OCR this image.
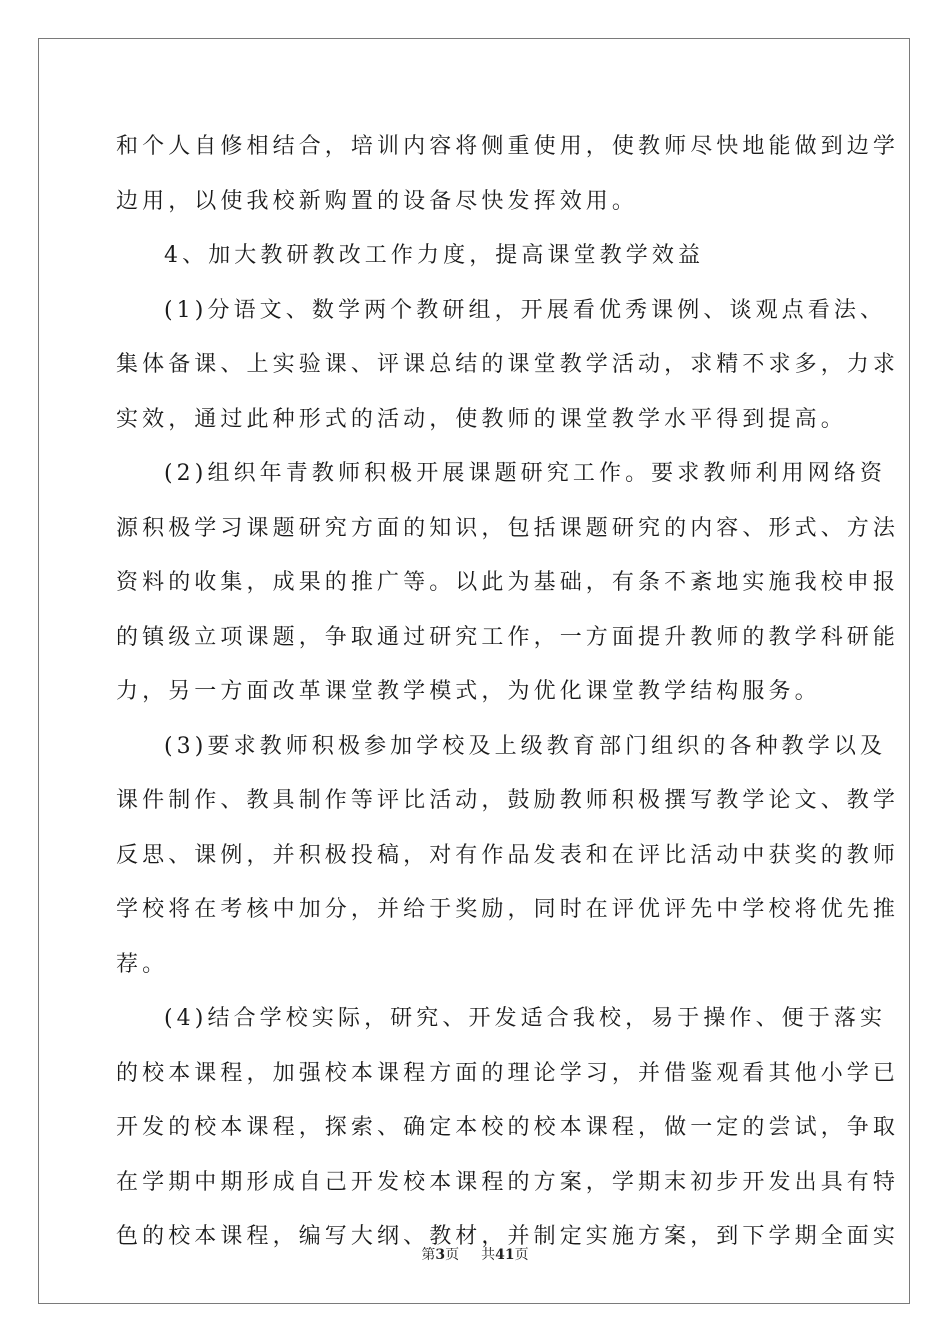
和个人自修相结合，培训内容将侧重使用，使教师尽快地能做到边学
边用，以使我校新购置的设备尽快发挥效用。
4、加大教研教改工作力度，提高课堂教学效益
(1)分语文、数学两个教研组，开展看优秀课例、谈观点看法、
集体备课、上实验课、评课总结的课堂教学活动，求精不求多，力求
实效，通过此种形式的活动，使教师的课堂教学水平得到提高。
(2)组织年青教师积极开展课题研究工作。要求教师利用网络资
源积极学习课题研究方面的知识，包括课题研究的内容、形式、方法
资料的收集，成果的推广等。以此为基础，有条不紊地实施我校申报
的镇级立项课题，争取通过研究工作，一方面提升教师的教学科研能
力，另一方面改革课堂教学模式，为优化课堂教学结构服务。
(3)要求教师积极参加学校及上级教育部门组织的各种教学以及
课件制作、教具制作等评比活动，鼓励教师积极撰写教学论文、教学
反思、课例，并积极投稿，对有作品发表和在评比活动中获奖的教师
学校将在考核中加分，并给于奖励，同时在评优评先中学校将优先推
荐。
(4)结合学校实际，研究、开发适合我校，易于操作、便于落实
的校本课程，加强校本课程方面的理论学习，并借鉴观看其他小学已
开发的校本课程，探索、确定本校的校本课程，做一定的尝试，争取
在学期中期形成自己开发校本课程的方案，学期末初步开发出具有特
色的校本课程，编写大纲、教材，并制定实施方案，到下学期全面实
第3页 共41页
